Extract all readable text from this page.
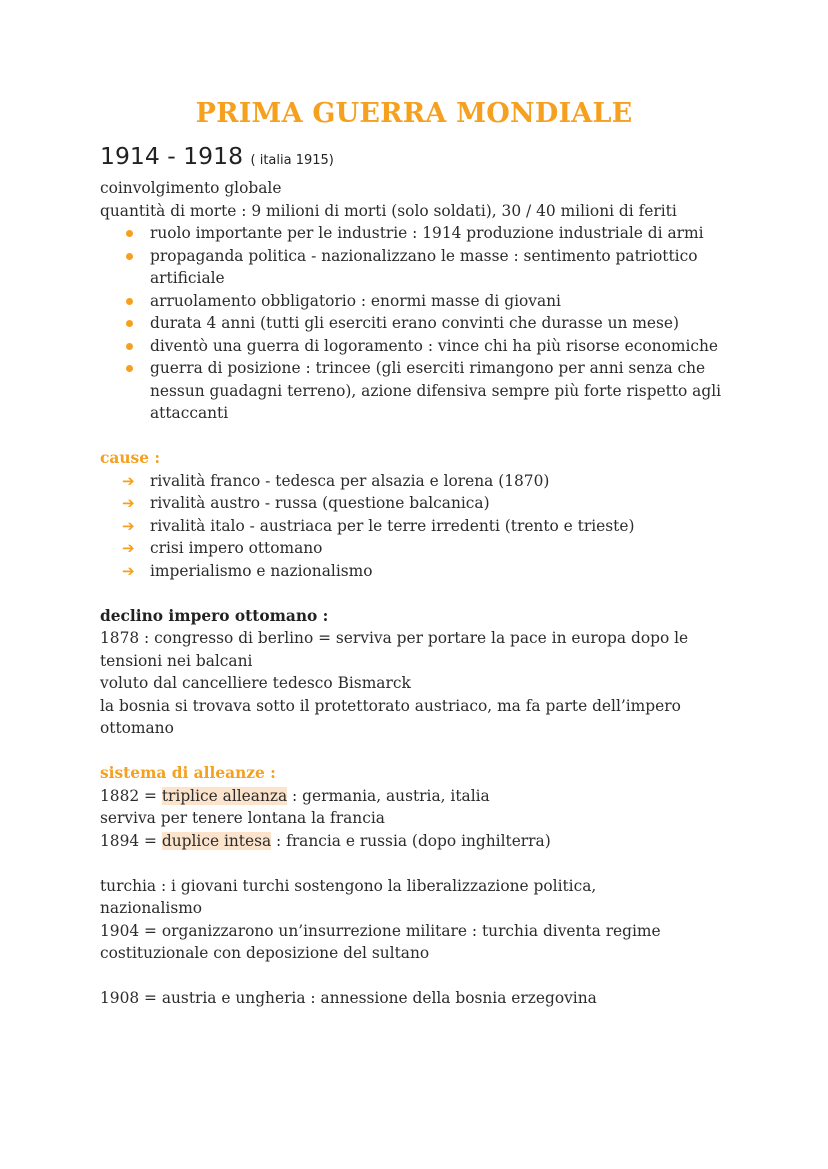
PRIMA GUERRA MONDIALE
1914 - 1918 ( italia 1915)
coinvolgimento globale
quantità di morte : 9 milioni di morti (solo soldati), 30 / 40 milioni di feriti
ruolo importante per le industrie : 1914 produzione industriale di armi
propaganda politica - nazionalizzano le masse : sentimento patriottico artificiale
arruolamento obbligatorio : enormi masse di giovani
durata 4 anni (tutti gli eserciti erano convinti che durasse un mese)
diventò una guerra di logoramento : vince chi ha più risorse economiche
guerra di posizione : trincee (gli eserciti rimangono per anni senza che nessun guadagni terreno), azione difensiva sempre più forte rispetto agli attaccanti
cause :
➔ rivalità franco - tedesca per alsazia e lorena (1870)
➔ rivalità austro - russa (questione balcanica)
➔ rivalità italo - austriaca per le terre irredenti (trento e trieste)
➔ crisi impero ottomano
➔ imperialismo e nazionalismo
declino impero ottomano :
1878 : congresso di berlino = serviva per portare la pace in europa dopo le
tensioni nei balcani
voluto dal cancelliere tedesco Bismarck
la bosnia si trovava sotto il protettorato austriaco, ma fa parte dell’impero
ottomano
sistema di alleanze :
1882 = triplice alleanza : germania, austria, italia
serviva per tenere lontana la francia
1894 = duplice intesa : francia e russia (dopo inghilterra)
turchia : i giovani turchi sostengono la liberalizzazione politica,
nazionalismo
1904 = organizzarono un’insurrezione militare : turchia diventa regime
costituzionale con deposizione del sultano
1908 = austria e ungheria : annessione della bosnia erzegovina
